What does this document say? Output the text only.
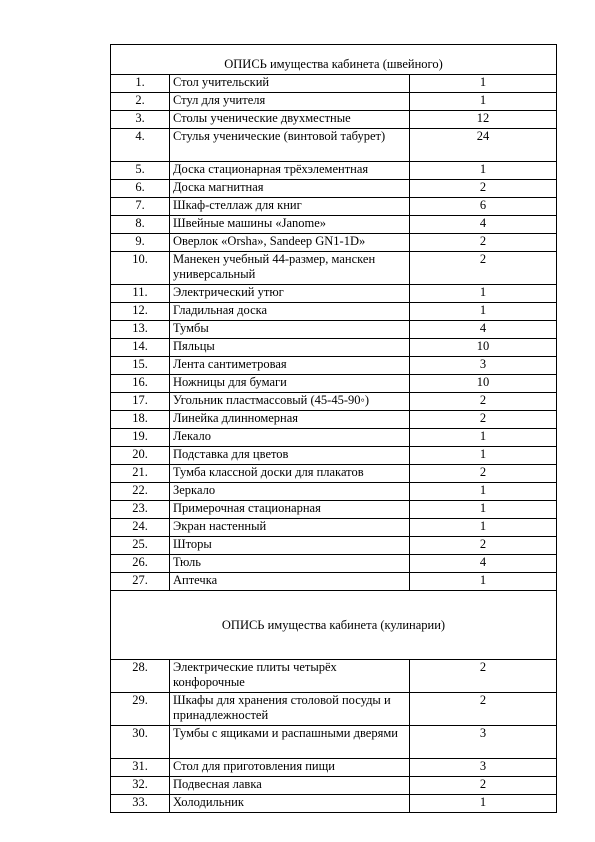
ОПИСЬ имущества кабинета (швейного)		
1.	Стол учительский	1
2.	Стул для учителя	1
3.	Столы ученические двухместные	12
4.	Стулья ученические (винтовой табурет)	24
5.	Доска стационарная трёхэлементная	1
6.	Доска магнитная	2
7.	Шкаф-стеллаж для книг	6
8.	Швейные машины «Janome»	4
9.	Оверлок «Orsha», Sandeep GN1-1D»	2
10.	Манекен учебный 44-размер, манскен универсальный	2
11.	Электрический утюг	1
12.	Гладильная доска	1
13.	Тумбы	4
14.	Пяльцы	10
15.	Лента сантиметровая	3
16.	Ножницы для бумаги	10
17.	Угольник пластмассовый (45-45-90◦)	2
18.	Линейка длинномерная	2
19.	Лекало	1
20.	Подставка для цветов	1
21.	Тумба классной доски для плакатов	2
22.	Зеркало	1
23.	Примерочная стационарная	1
24.	Экран настенный	1
25.	Шторы	2
26.	Тюль	4
27.	Аптечка	1
ОПИСЬ имущества кабинета (кулинарии)		
28.	Электрические плиты четырёх конфорочные	2
29.	Шкафы для хранения столовой посуды и принадлежностей	2
30.	Тумбы с ящиками и распашными дверями	3
31.	Стол для приготовления пищи	3
32.	Подвесная лавка	2
33.	Холодильник	1
